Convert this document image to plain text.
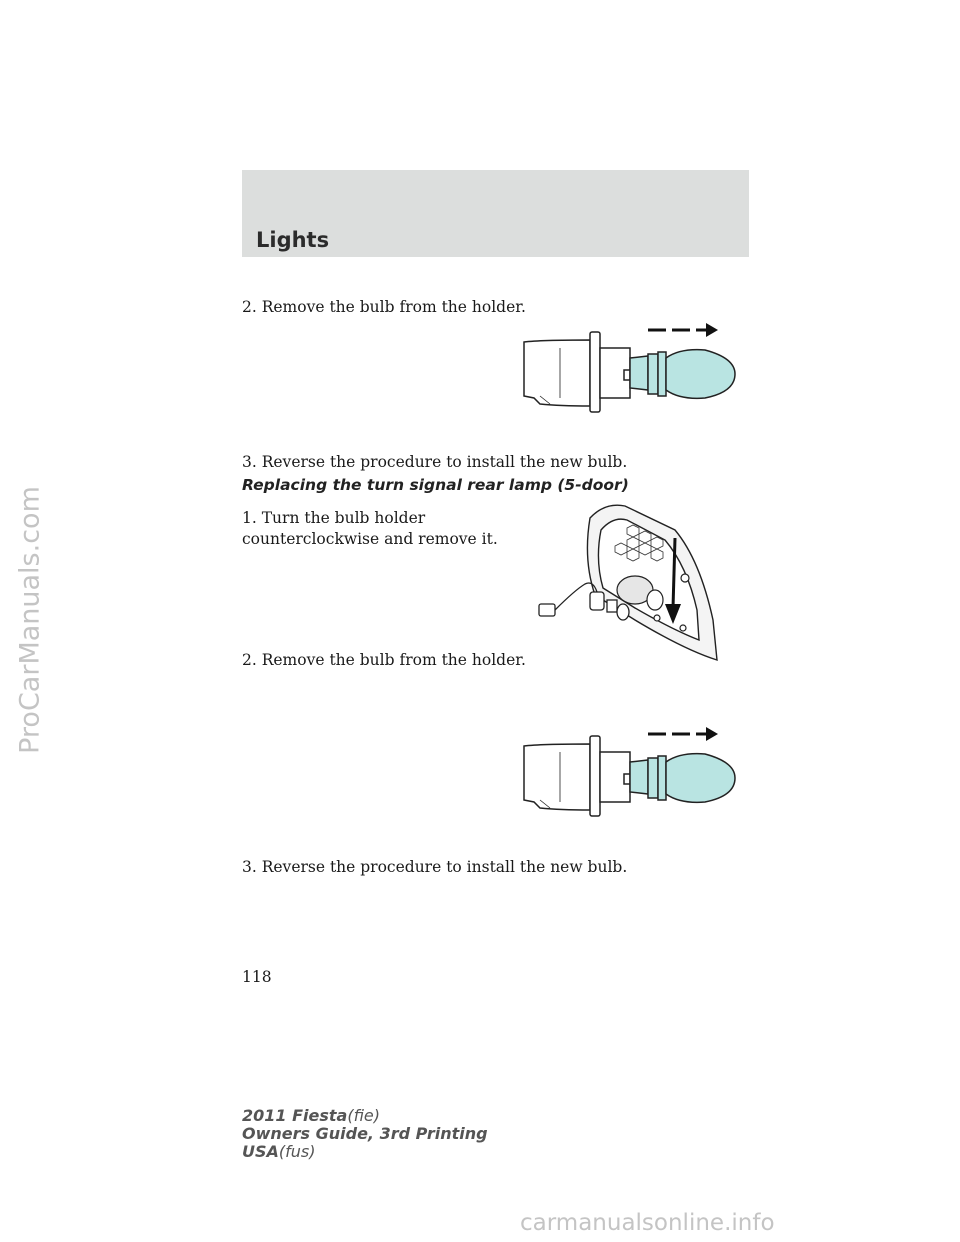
Lights
2. Remove the bulb from the holder.
3. Reverse the procedure to install the new bulb.
Replacing the turn signal rear lamp (5-door)
1. Turn the bulb holder
counterclockwise and remove it.
2. Remove the bulb from the holder.
3. Reverse the procedure to install the new bulb.
118
2011 Fiesta(fie)
Owners Guide, 3rd Printing
USA(fus)
ProCarManuals.com
carmanualsonline.info
